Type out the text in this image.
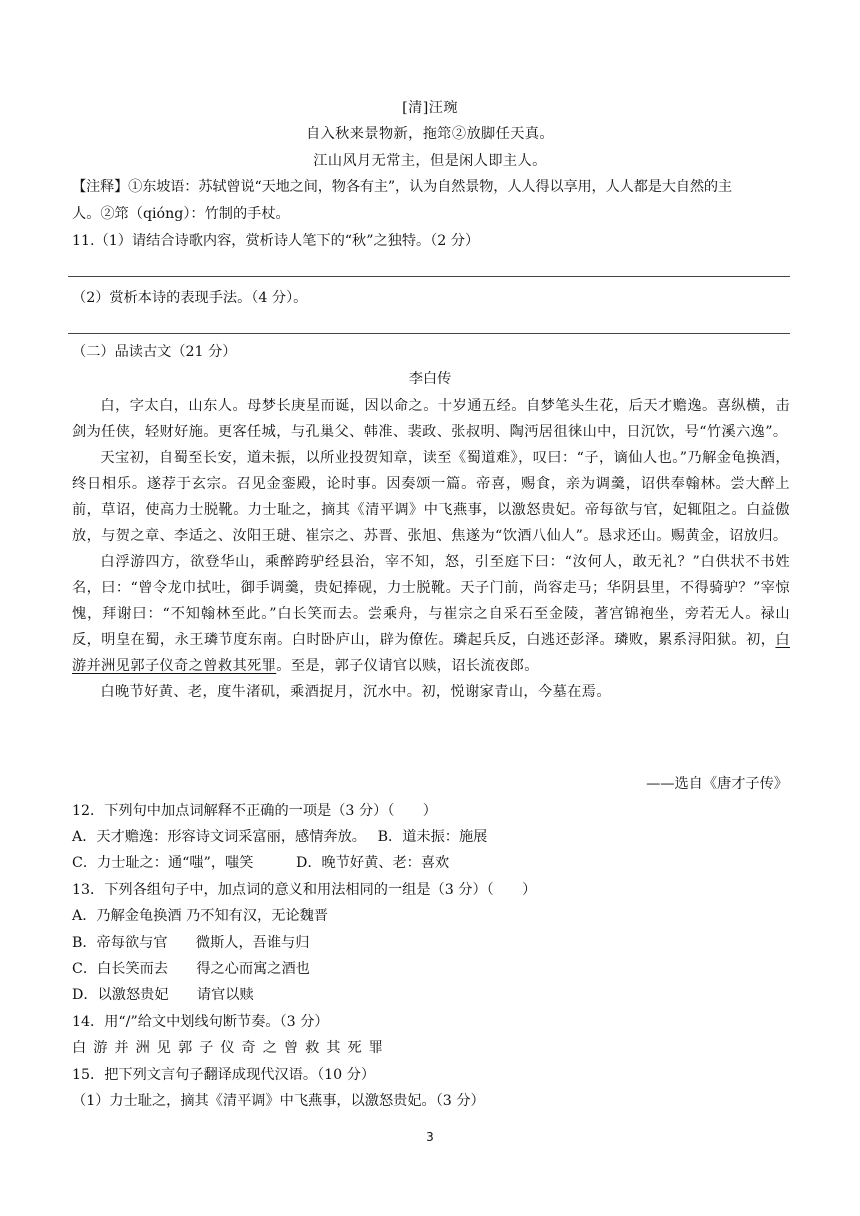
[清]汪琬
自入秋来景物新，拖筇②放脚任天真。
江山风月无常主，但是闲人即主人。
【注释】①东坡语：苏轼曾说“天地之间，物各有主”，认为自然景物，人人得以享用，人人都是大自然的主
人。②筇（qióng）：竹制的手杖。
11.（1）请结合诗歌内容，赏析诗人笔下的“秋”之独特。（2 分）
（2）赏析本诗的表现手法。（4 分）。
（二）品读古文（21 分）
李白传

白，字太白，山东人。母梦长庚星而诞，因以命之。十岁通五经。自梦笔头生花，后天才赡逸。喜纵横，击剑为任侠，轻财好施。更客任城，与孔巢父、韩准、裴政、张叔明、陶沔居徂徕山中，日沉饮，号“竹溪六逸”。

天宝初，自蜀至长安，道未振，以所业投贺知章，读至《蜀道难》，叹曰：“子，谪仙人也。”乃解金龟换酒，终日相乐。遂荐于玄宗。召见金銮殿，论时事。因奏颂一篇。帝喜，赐食，亲为调羹，诏供奉翰林。尝大醉上前，草诏，使高力士脱靴。力士耻之，摘其《清平调》中飞燕事，以激怒贵妃。帝每欲与官，妃辄阻之。白益傲放，与贺之章、李适之、汝阳王琎、崔宗之、苏晋、张旭、焦遂为“饮酒八仙人”。恳求还山。赐黄金，诏放归。

白浮游四方，欲登华山，乘醉跨驴经县治，宰不知，怒，引至庭下曰：“汝何人，敢无礼？”白供状不书姓名，曰：“曾令龙巾拭吐，御手调羹，贵妃捧砚，力士脱靴。天子门前，尚容走马；华阴县里，不得骑驴？”宰惊愧，拜谢曰：“不知翰林至此。”白长笑而去。尝乘舟，与崔宗之自采石至金陵，著宫锦袍坐，旁若无人。禄山反，明皇在蜀，永王璘节度东南。白时卧庐山，辟为僚佐。璘起兵反，白逃还彭泽。璘败，累系浔阳狱。初，白游并洲见郭子仪奇之曾救其死罪。至是，郭子仪请官以赎，诏长流夜郎。

白晚节好黄、老，度牛渚矶，乘酒捉月，沉水中。初，悦谢家青山，今墓在焉。

——选自《唐才子传》
12．下列句中加点词解释不正确的一项是（3 分）（　　）
A．天才赡逸：形容诗文词采富丽，感情奔放。　 B．道未振：施展
C．力士耻之：通“嗤”，嗤笑　　　D．晚节好黄、老：喜欢
13．下列各组句子中，加点词的意义和用法相同的一组是（3 分）（　　）
A．乃解金龟换酒 乃不知有汉，无论魏晋
B．帝每欲与官　　微斯人，吾谁与归
C．白长笑而去　　得之心而寓之酒也
D．以激怒贵妃　　请官以赎
14．用“/”给文中划线句断节奏。（3 分）
白游并洲见郭子仪奇之曾救其死罪
15．把下列文言句子翻译成现代汉语。（10 分）
（1）力士耻之，摘其《清平调》中飞燕事，以激怒贵妃。（3 分）
3
